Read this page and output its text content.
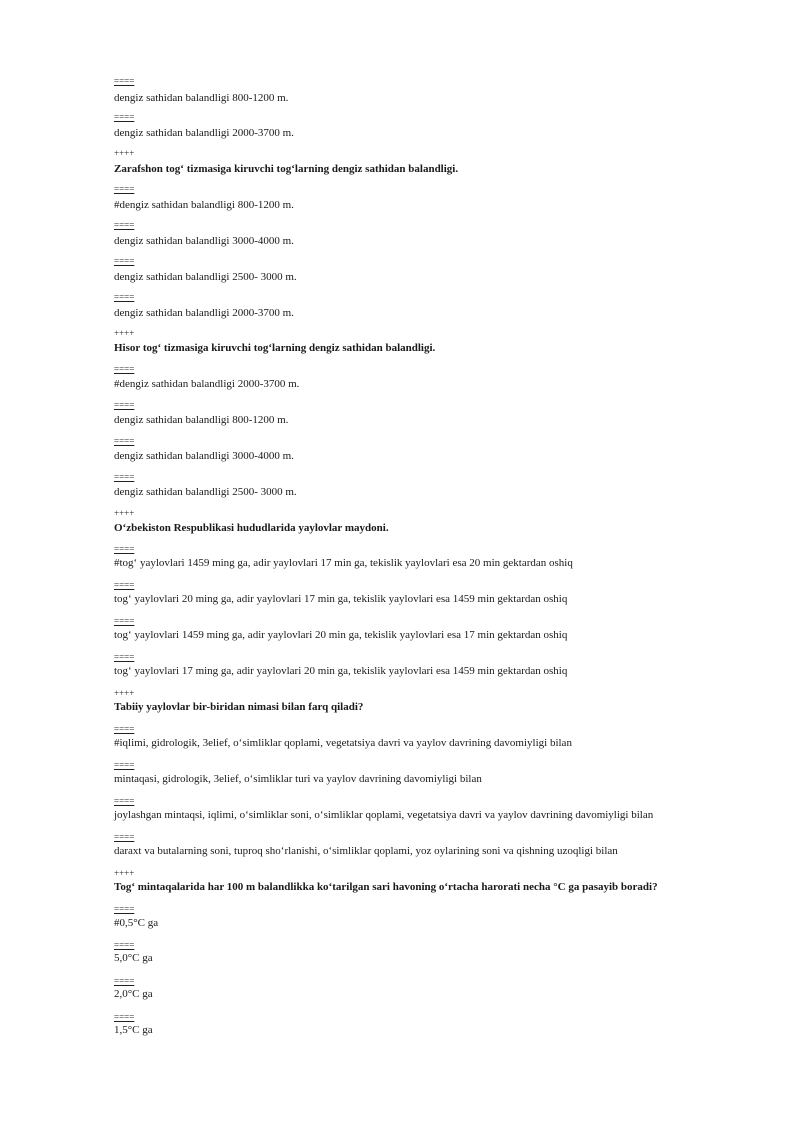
====
dengiz sathidan balandligi 800-1200 m.
====
dengiz sathidan balandligi 2000-3700 m.
++++
Zarafshon tog‘ tizmasiga kiruvchi tog‘larning dengiz sathidan balandligi.
====
#dengiz sathidan balandligi 800-1200 m.
====
dengiz sathidan balandligi 3000-4000 m.
====
dengiz sathidan balandligi 2500- 3000 m.
====
dengiz sathidan balandligi 2000-3700 m.
++++
Hisor tog‘ tizmasiga kiruvchi tog‘larning dengiz sathidan balandligi.
====
#dengiz sathidan balandligi 2000-3700 m.
====
dengiz sathidan balandligi 800-1200 m.
====
dengiz sathidan balandligi 3000-4000 m.
====
dengiz sathidan balandligi 2500- 3000 m.
++++
O‘zbekiston Respublikasi hududlarida yaylovlar maydoni.
====
#tog‘ yaylovlari 1459 ming ga, adir yaylovlari 17 min ga, tekislik yaylovlari esa 20 min gektardan oshiq
====
tog‘ yaylovlari 20 ming ga, adir yaylovlari 17 min ga, tekislik yaylovlari esa 1459 min gektardan oshiq
====
tog‘ yaylovlari 1459 ming ga, adir yaylovlari 20 min ga, tekislik yaylovlari esa 17 min gektardan oshiq
====
tog‘ yaylovlari 17 ming ga, adir yaylovlari 20 min ga, tekislik yaylovlari esa 1459 min gektardan oshiq
++++
Tabiiy yaylovlar bir-biridan nimasi bilan farq qiladi?
====
#iqlimi, gidrologik, 3elief, o‘simliklar qoplami, vegetatsiya davri va yaylov davrining davomiyligi bilan
====
mintaqasi, gidrologik, 3elief, o‘simliklar turi va yaylov davrining davomiyligi bilan
====
joylashgan mintaqsi, iqlimi, o‘simliklar soni, o‘simliklar qoplami, vegetatsiya davri va yaylov davrining davomiyligi bilan
====
daraxt va butalarning soni, tuproq sho‘rlanishi, o‘simliklar qoplami, yoz oylarining soni va qishning uzoqligi bilan
++++
Tog‘ mintaqalarida har 100 m balandlikka ko‘tarilgan sari havoning o‘rtacha harorati necha °C ga pasayib boradi?
====
#0,5°C ga
====
5,0°C ga
====
2,0°C ga
====
1,5°C ga
